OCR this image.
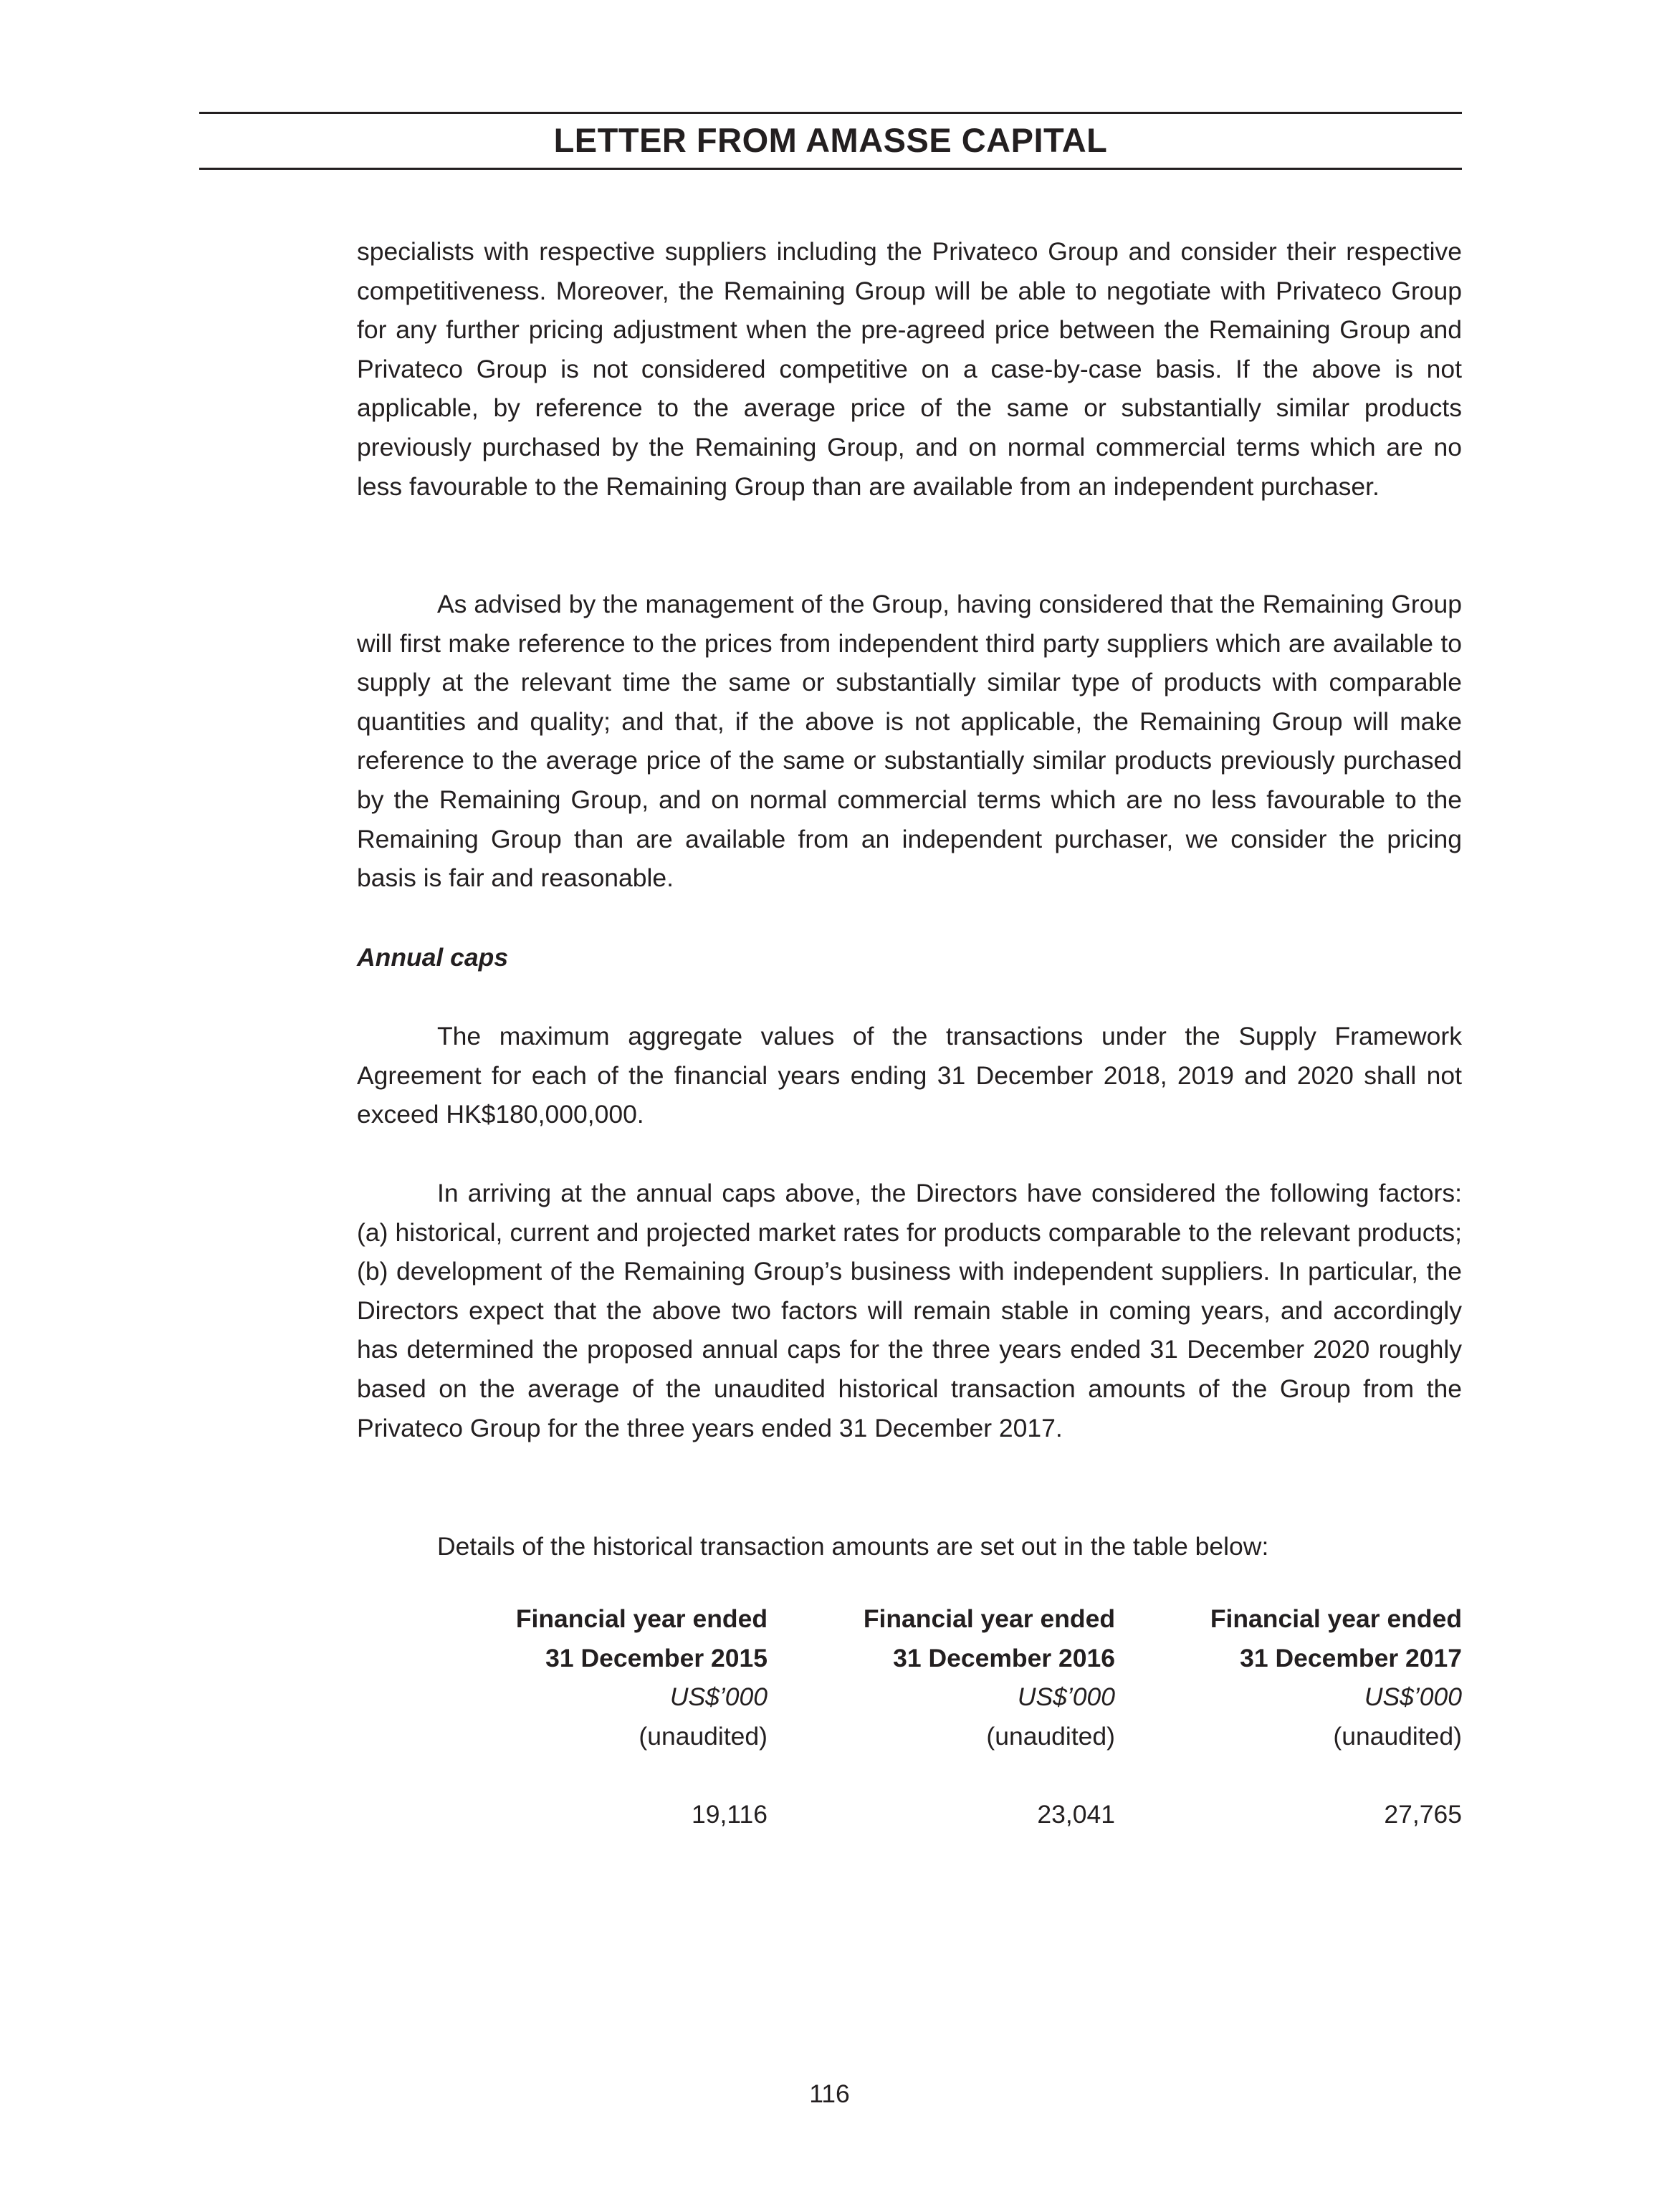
LETTER FROM AMASSE CAPITAL

specialists with respective suppliers including the Privateco Group and consider their respective competitiveness. Moreover, the Remaining Group will be able to negotiate with Privateco Group for any further pricing adjustment when the pre-agreed price between the Remaining Group and Privateco Group is not considered competitive on a case-by-case basis. If the above is not applicable, by reference to the average price of the same or substantially similar products previously purchased by the Remaining Group, and on normal commercial terms which are no less favourable to the Remaining Group than are available from an independent purchaser.

As advised by the management of the Group, having considered that the Remaining Group will first make reference to the prices from independent third party suppliers which are available to supply at the relevant time the same or substantially similar type of products with comparable quantities and quality; and that, if the above is not applicable, the Remaining Group will make reference to the average price of the same or substantially similar products previously purchased by the Remaining Group, and on normal commercial terms which are no less favourable to the Remaining Group than are available from an independent purchaser, we consider the pricing basis is fair and reasonable.

Annual caps

The maximum aggregate values of the transactions under the Supply Framework Agreement for each of the financial years ending 31 December 2018, 2019 and 2020 shall not exceed HK$180,000,000.

In arriving at the annual caps above, the Directors have considered the following factors: (a) historical, current and projected market rates for products comparable to the relevant products; (b) development of the Remaining Group’s business with independent suppliers. In particular, the Directors expect that the above two factors will remain stable in coming years, and accordingly has determined the proposed annual caps for the three years ended 31 December 2020 roughly based on the average of the unaudited historical transaction amounts of the Group from the Privateco Group for the three years ended 31 December 2017.

Details of the historical transaction amounts are set out in the table below:

Financial year ended
31 December 2015
US$’000
(unaudited)
19,116
Financial year ended
31 December 2016
US$’000
(unaudited)
23,041
Financial year ended
31 December 2017
US$’000
(unaudited)
27,765
116
